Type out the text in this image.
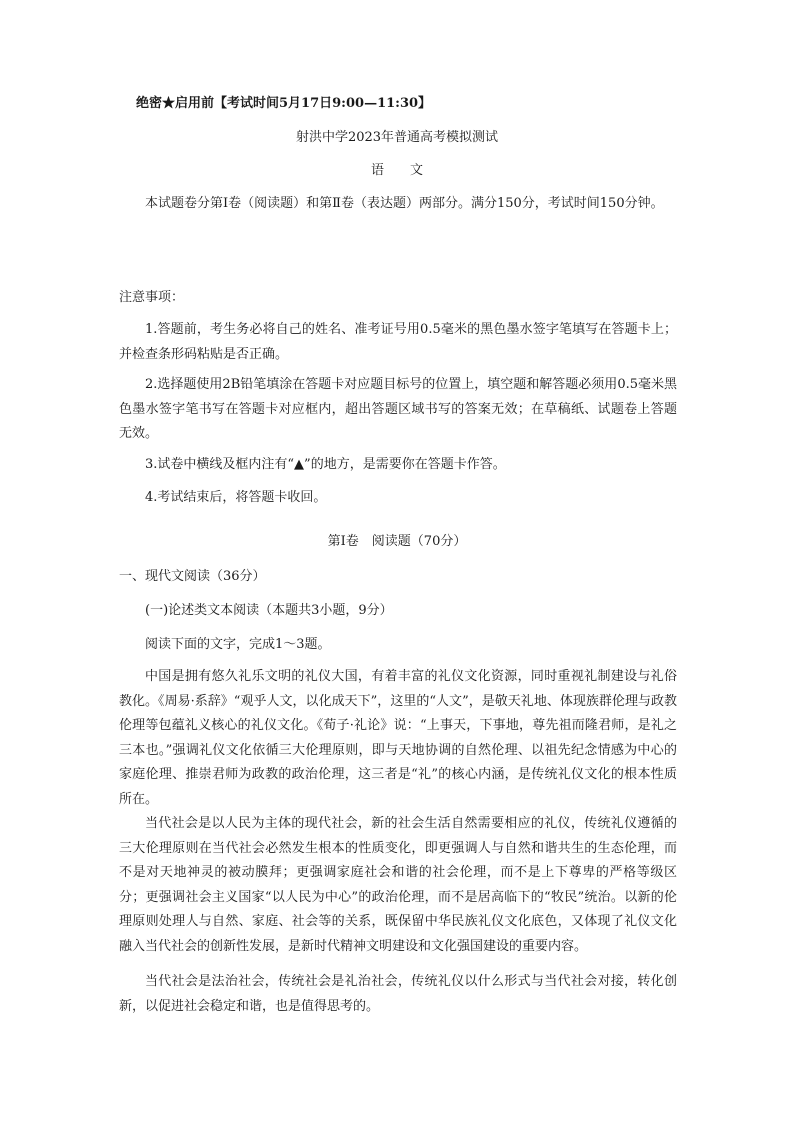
绝密★启用前【考试时间5月17日9:00—11:30】
射洪中学2023年普通高考模拟测试
语　　文
本试题卷分第Ⅰ卷（阅读题）和第Ⅱ卷（表达题）两部分。满分150分，考试时间150分钟。
注意事项：
1.答题前，考生务必将自己的姓名、准考证号用0.5毫米的黑色墨水签字笔填写在答题卡上；并检查条形码粘贴是否正确。
2.选择题使用2B铅笔填涂在答题卡对应题目标号的位置上，填空题和解答题必须用0.5毫米黑色墨水签字笔书写在答题卡对应框内，超出答题区域书写的答案无效；在草稿纸、试题卷上答题无效。
3.试卷中横线及框内注有“▲”的地方，是需要你在答题卡作答。
4.考试结束后，将答题卡收回。
第Ⅰ卷　阅读题（70分）
一、现代文阅读（36分）
(一)论述类文本阅读（本题共3小题，9分）
阅读下面的文字，完成1～3题。
中国是拥有悠久礼乐文明的礼仪大国，有着丰富的礼仪文化资源，同时重视礼制建设与礼俗教化。《周易·系辞》“观乎人文，以化成天下”，这里的“人文”，是敬天礼地、体现族群伦理与政教伦理等包蕴礼义核心的礼仪文化。《荀子·礼论》说：“上事天，下事地，尊先祖而隆君师，是礼之三本也。”强调礼仪文化依循三大伦理原则，即与天地协调的自然伦理、以祖先纪念情感为中心的家庭伦理、推崇君师为政教的政治伦理，这三者是“礼”的核心内涵，是传统礼仪文化的根本性质所在。
当代社会是以人民为主体的现代社会，新的社会生活自然需要相应的礼仪，传统礼仪遵循的三大伦理原则在当代社会必然发生根本的性质变化，即更强调人与自然和谐共生的生态伦理，而不是对天地神灵的被动膜拜；更强调家庭社会和谐的社会伦理，而不是上下尊卑的严格等级区分；更强调社会主义国家“以人民为中心”的政治伦理，而不是居高临下的“牧民”统治。以新的伦理原则处理人与自然、家庭、社会等的关系，既保留中华民族礼仪文化底色，又体现了礼仪文化融入当代社会的创新性发展，是新时代精神文明建设和文化强国建设的重要内容。
当代社会是法治社会，传统社会是礼治社会，传统礼仪以什么形式与当代社会对接，转化创新，以促进社会稳定和谐，也是值得思考的。
